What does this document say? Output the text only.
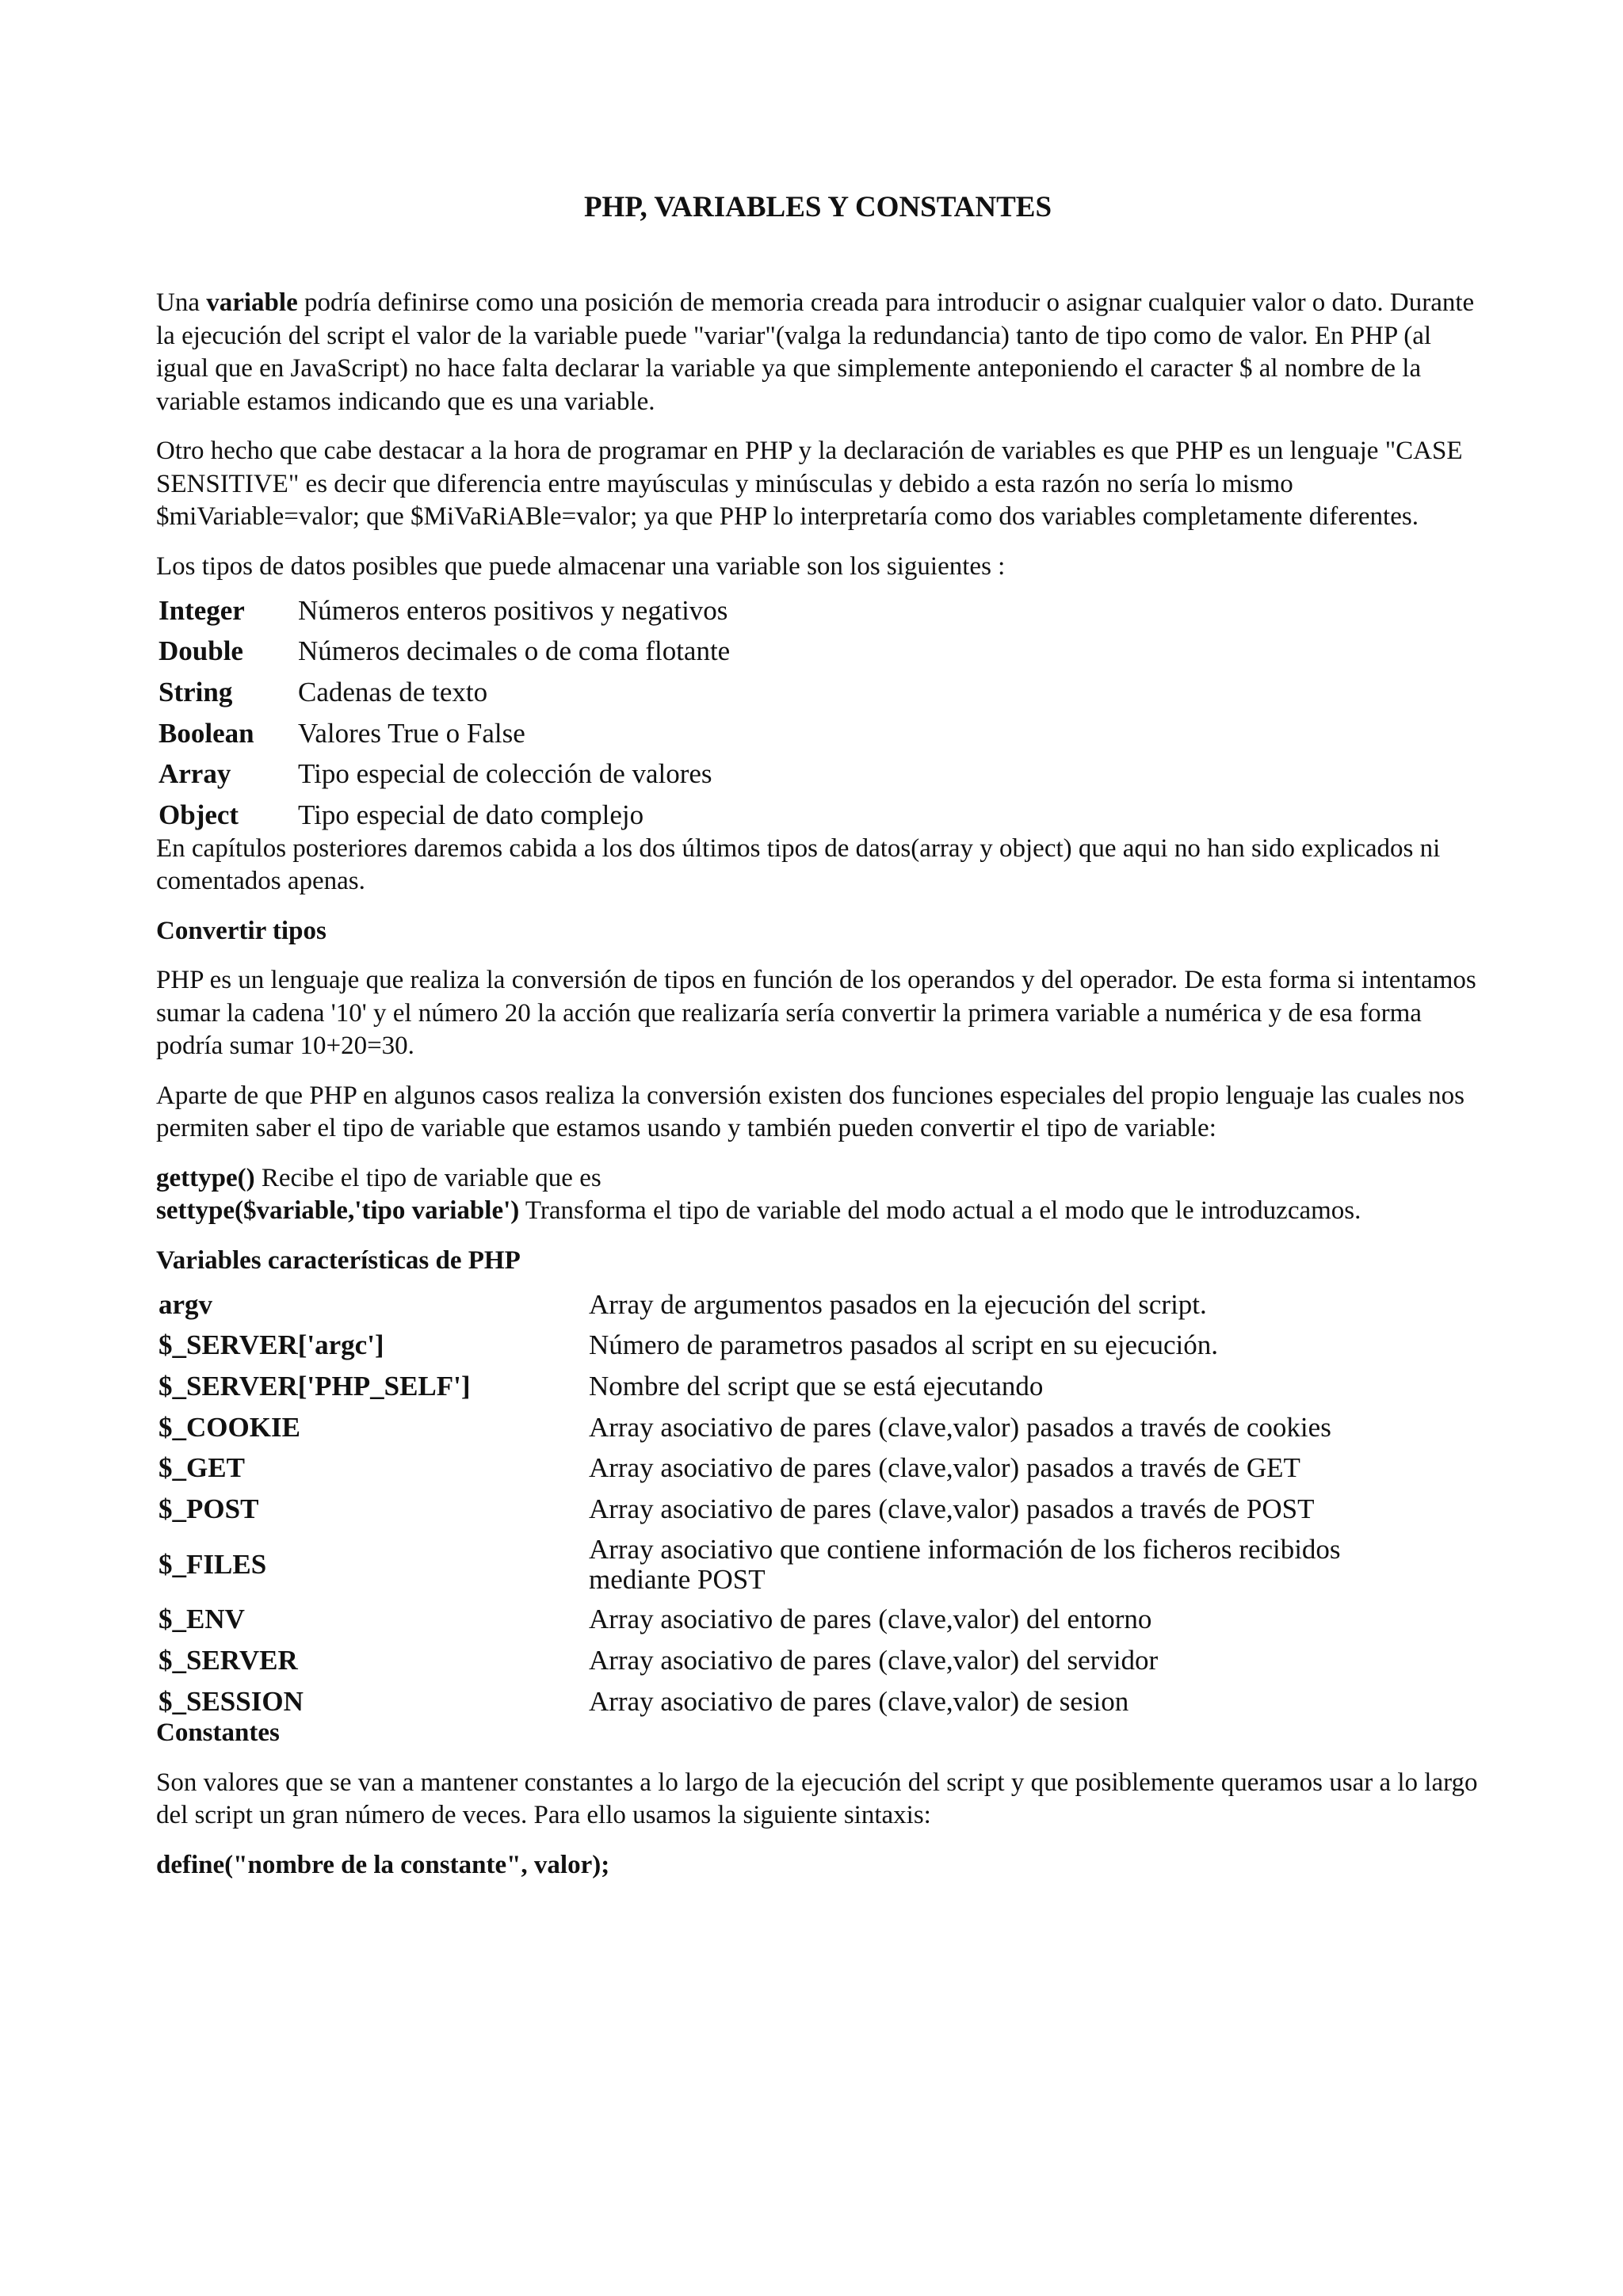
PHP, VARIABLES Y CONSTANTES

Una variable podría definirse como una posición de memoria creada para introducir o asignar cualquier valor o dato. Durante la ejecución del script el valor de la variable puede "variar"(valga la redundancia) tanto de tipo como de valor. En PHP (al igual que en JavaScript) no hace falta declarar la variable ya que simplemente anteponiendo el caracter $ al nombre de la variable estamos indicando que es una variable.

Otro hecho que cabe destacar a la hora de programar en PHP y la declaración de variables es que PHP es un lenguaje "CASE SENSITIVE" es decir que diferencia entre mayúsculas y minúsculas y debido a esta razón no sería lo mismo $miVariable=valor; que $MiVaRiABle=valor; ya que PHP lo interpretaría como dos variables completamente diferentes.

Los tipos de datos posibles que puede almacenar una variable son los siguientes :

Integer	Números enteros positivos y negativos
Double	Números decimales o de coma flotante
String	Cadenas de texto
Boolean	Valores True o False
Array	Tipo especial de colección de valores
Object	Tipo especial de dato complejo

En capítulos posteriores daremos cabida a los dos últimos tipos de datos(array y object) que aqui no han sido explicados ni comentados apenas.

Convertir tipos

PHP es un lenguaje que realiza la conversión de tipos en función de los operandos y del operador. De esta forma si intentamos sumar la cadena '10' y el número 20 la acción que realizaría sería convertir la primera variable a numérica y de esa forma podría sumar 10+20=30.

Aparte de que PHP en algunos casos realiza la conversión existen dos funciones especiales del propio lenguaje las cuales nos permiten saber el tipo de variable que estamos usando y también pueden convertir el tipo de variable:

gettype() Recibe el tipo de variable que es

settype($variable,'tipo variable') Transforma el tipo de variable del modo actual a el modo que le introduzcamos.

Variables características de PHP

argv	Array de argumentos pasados en la ejecución del script.
$_SERVER['argc']	Número de parametros pasados al script en su ejecución.
$_SERVER['PHP_SELF']	Nombre del script que se está ejecutando
$_COOKIE	Array asociativo de pares (clave,valor) pasados a través de cookies
$_GET	Array asociativo de pares (clave,valor) pasados a través de GET
$_POST	Array asociativo de pares (clave,valor) pasados a través de POST
$_FILES	Array asociativo que contiene información de los ficheros recibidos mediante POST
$_ENV	Array asociativo de pares (clave,valor) del entorno
$_SERVER	Array asociativo de pares (clave,valor) del servidor
$_SESSION	Array asociativo de pares (clave,valor) de sesion

Constantes

Son valores que se van a mantener constantes a lo largo de la ejecución del script y que posiblemente queramos usar a lo largo del script un gran número de veces. Para ello usamos la siguiente sintaxis:

define("nombre de la constante", valor);
